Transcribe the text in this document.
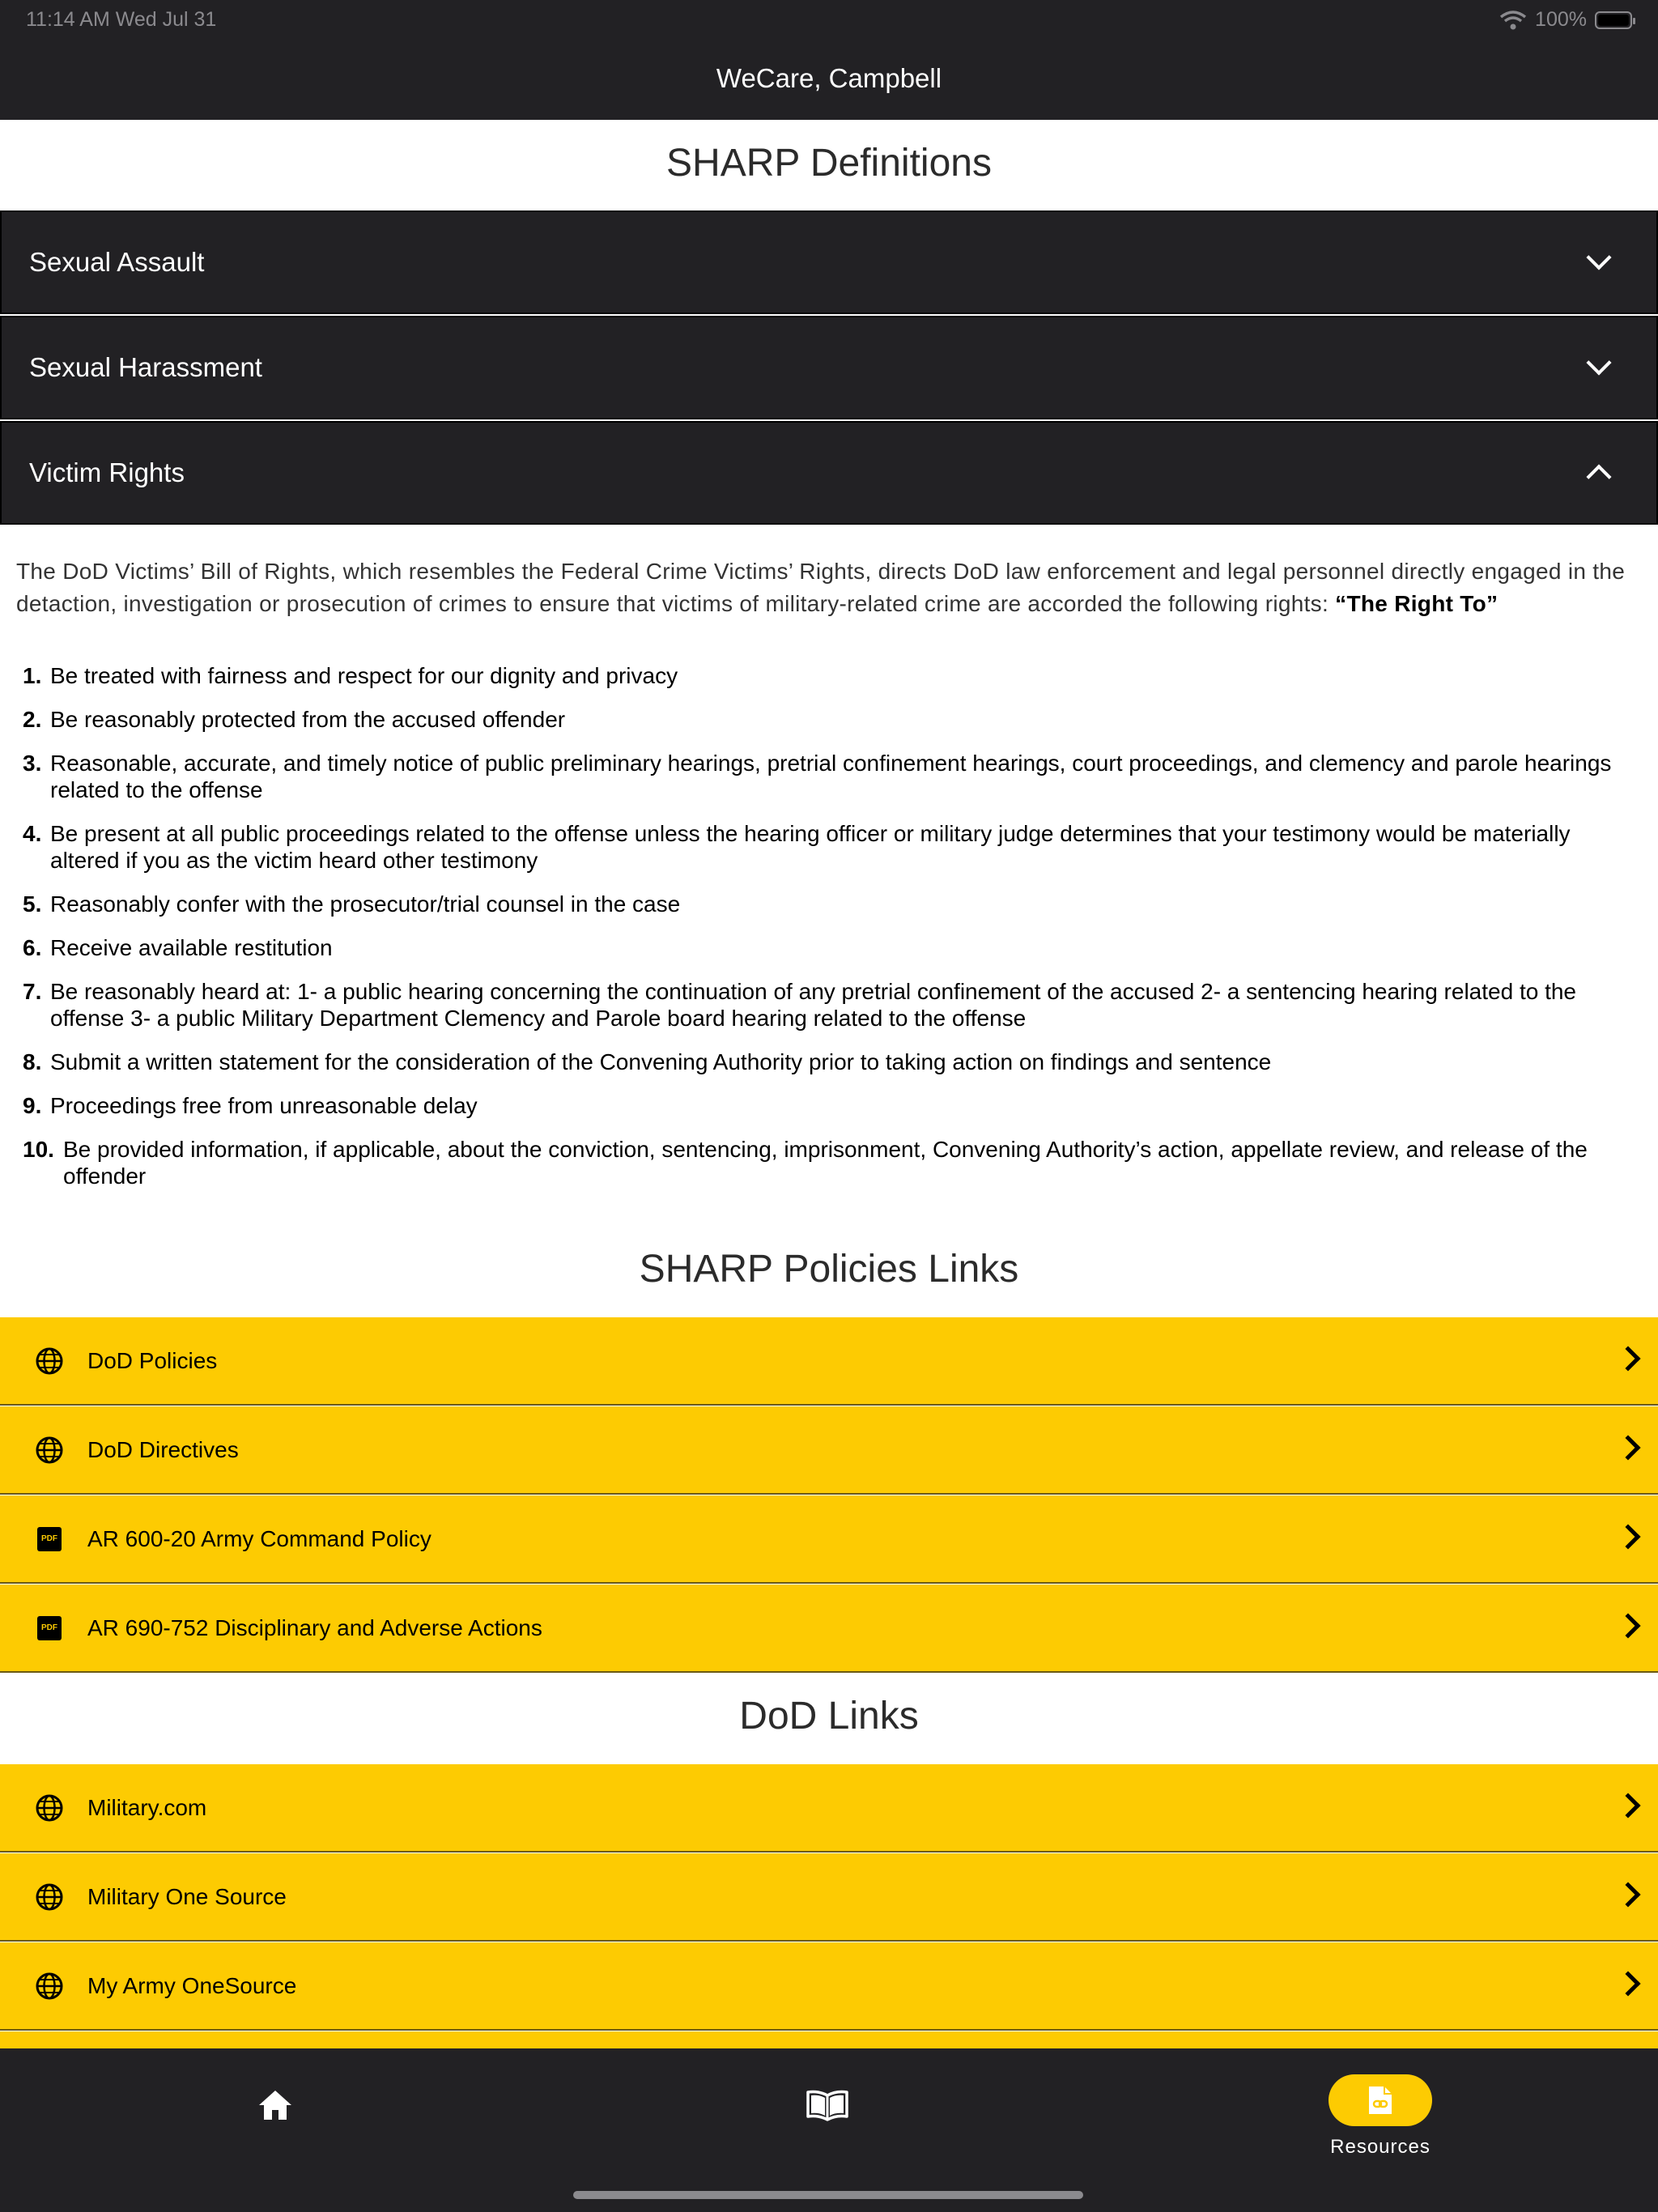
11:14 AM Wed Jul 31	100%
WeCare, Campbell
SHARP Definitions
Sexual Assault
Sexual Harassment
Victim Rights
The DoD Victims’ Bill of Rights, which resembles the Federal Crime Victims’ Rights, directs DoD law enforcement and legal personnel directly engaged in the detaction, investigation or prosecution of crimes to ensure that victims of military-related crime are accorded the following rights: “The Right To”
1. Be treated with fairness and respect for our dignity and privacy
2. Be reasonably protected from the accused offender
3. Reasonable, accurate, and timely notice of public preliminary hearings, pretrial confinement hearings, court proceedings, and clemency and parole hearings related to the offense
4. Be present at all public proceedings related to the offense unless the hearing officer or military judge determines that your testimony would be materially altered if you as the victim heard other testimony
5. Reasonably confer with the prosecutor/trial counsel in the case
6. Receive available restitution
7. Be reasonably heard at: 1- a public hearing concerning the continuation of any pretrial confinement of the accused 2- a sentencing hearing related to the offense 3- a public Military Department Clemency and Parole board hearing related to the offense
8. Submit a written statement for the consideration of the Convening Authority prior to taking action on findings and sentence
9. Proceedings free from unreasonable delay
10. Be provided information, if applicable, about the conviction, sentencing, imprisonment, Convening Authority’s action, appellate review, and release of the offender
SHARP Policies Links
DoD Policies
DoD Directives
PDF AR 600-20 Army Command Policy
PDF AR 690-752 Disciplinary and Adverse Actions
DoD Links
Military.com
Military One Source
My Army OneSource
Resources
